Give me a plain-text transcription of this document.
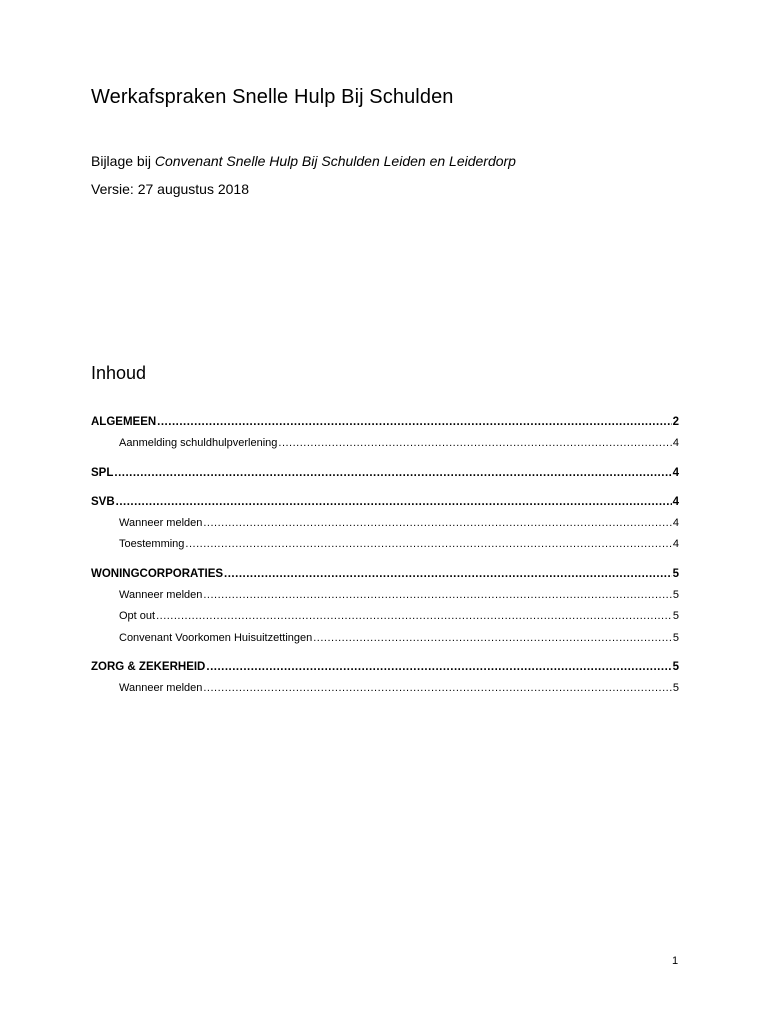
Werkafspraken Snelle Hulp Bij Schulden

Bijlage bij Convenant Snelle Hulp Bij Schulden Leiden en Leiderdorp

Versie: 27 augustus 2018

Inhoud
ALGEMEEN .....	2
Aanmelding schuldhulpverlening .....	4
SPL .....	4
SVB .....	4
Wanneer melden .....	4
Toestemming .....	4
WONINGCORPORATIES .....	5
Wanneer melden .....	5
Opt out .....	5
Convenant Voorkomen Huisuitzettingen .....	5
ZORG & ZEKERHEID .....	5
Wanneer melden .....	5

1
